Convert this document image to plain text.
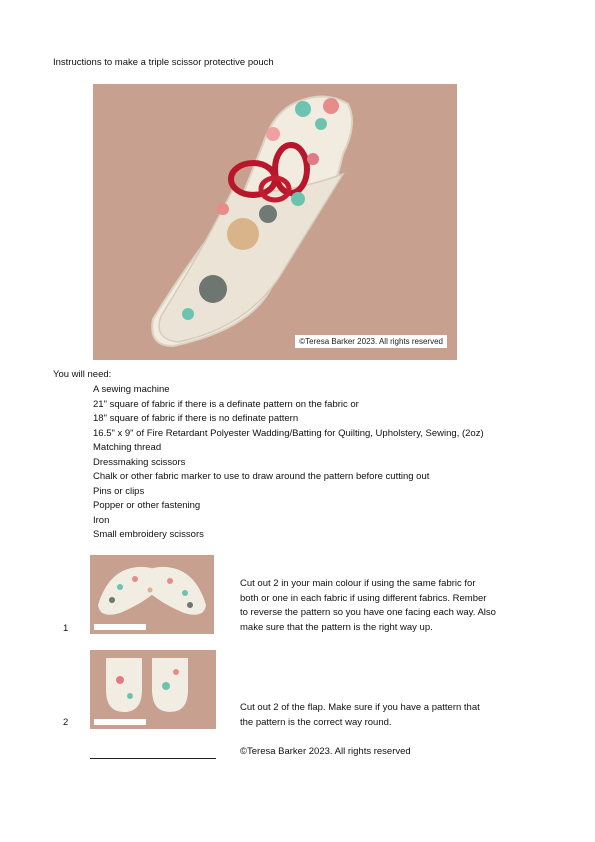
Instructions to make a triple scissor protective pouch
©Teresa Barker 2023. All rights reserved
You will need:
A sewing machine
21" square of fabric if there is a definate pattern on the fabric or
18" square of fabric if there is no definate pattern
16.5" x 9" of Fire Retardant Polyester Wadding/Batting for Quilting, Upholstery, Sewing, (2oz)
Matching thread
Dressmaking scissors
Chalk or other fabric marker to use to draw around the pattern before cutting out
Pins or clips
Popper or other fastening
Iron
Small embroidery scissors
1

Cut out 2 in your main colour if using the same fabric for

both or one in each fabric if using different fabrics. Rember

to reverse the pattern so you have one facing each way. Also

make sure that the pattern is the right way up.

2

Cut out 2 of the flap. Make sure if you have a pattern that

the pattern is the correct way round.

©Teresa Barker 2023. All rights reserved
